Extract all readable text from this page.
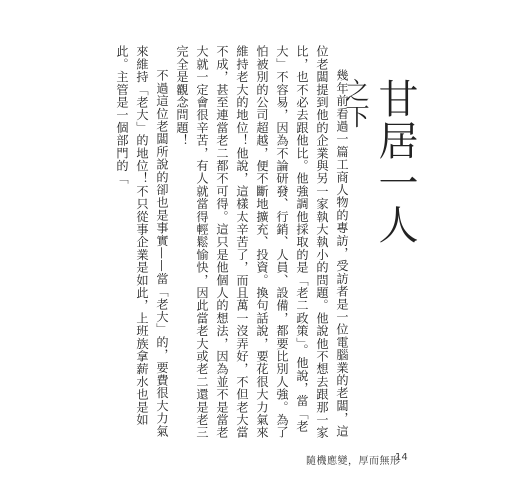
甘居一人之下

幾年前看過一篇工商人物的專訪，受訪者是一位電腦業的老闆，這位老闆提到他的企業與另一家執大執小的問題。他說他不想去跟那一家比，也不必去跟他比。他強調他採取的是「老二政策」。他說，當「老大」不容易，因為不論研發、行銷、人員、設備，都要比別人強。為了怕被別的公司超越，便不斷地擴充、投資。換句話說，要花很大力氣來維持老大的地位！他說，這樣太辛苦了，而且萬一沒弄好，不但老大當不成，甚至連當老二都不可得。這只是他個人的想法，因為並不是當老大就一定會很辛苦，有人就當得輕鬆愉快，因此當老大或老二還是老三完全是觀念問題！

不過這位老闆所說的卻也是事實——當「老大」的，要費很大力氣來維持「老大」的地位！不只從事企業是如此，上班族拿薪水也是如此。主管是一個部門的「

隨機應變，厚而無形
14
